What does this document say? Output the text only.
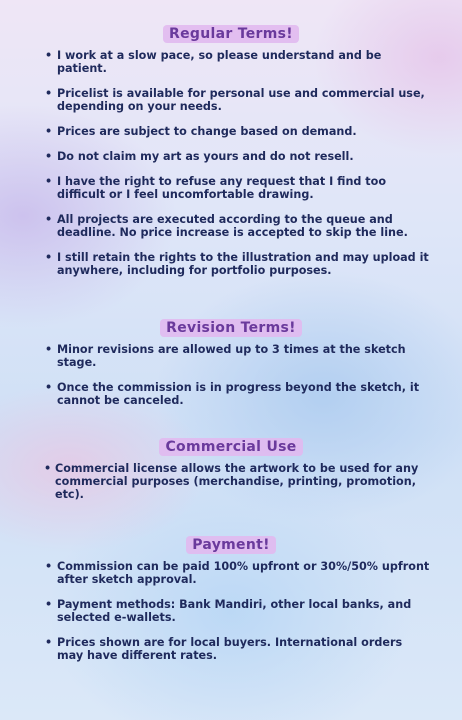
Regular Terms!
• I work at a slow pace, so please understand and be patient.
• Pricelist is available for personal use and commercial use, depending on your needs.
• Prices are subject to change based on demand.
• Do not claim my art as yours and do not resell.
• I have the right to refuse any request that I find too difficult or I feel uncomfortable drawing.
• All projects are executed according to the queue and deadline. No price increase is accepted to skip the line.
• I still retain the rights to the illustration and may upload it anywhere, including for portfolio purposes.
Revision Terms!
• Minor revisions are allowed up to 3 times at the sketch stage.
• Once the commission is in progress beyond the sketch, it cannot be canceled.
Commercial Use
• Commercial license allows the artwork to be used for any commercial purposes (merchandise, printing, promotion, etc).
Payment!
• Commission can be paid 100% upfront or 30%/50% upfront after sketch approval.
• Payment methods: Bank Mandiri, other local banks, and selected e-wallets.
• Prices shown are for local buyers. International orders may have different rates.
